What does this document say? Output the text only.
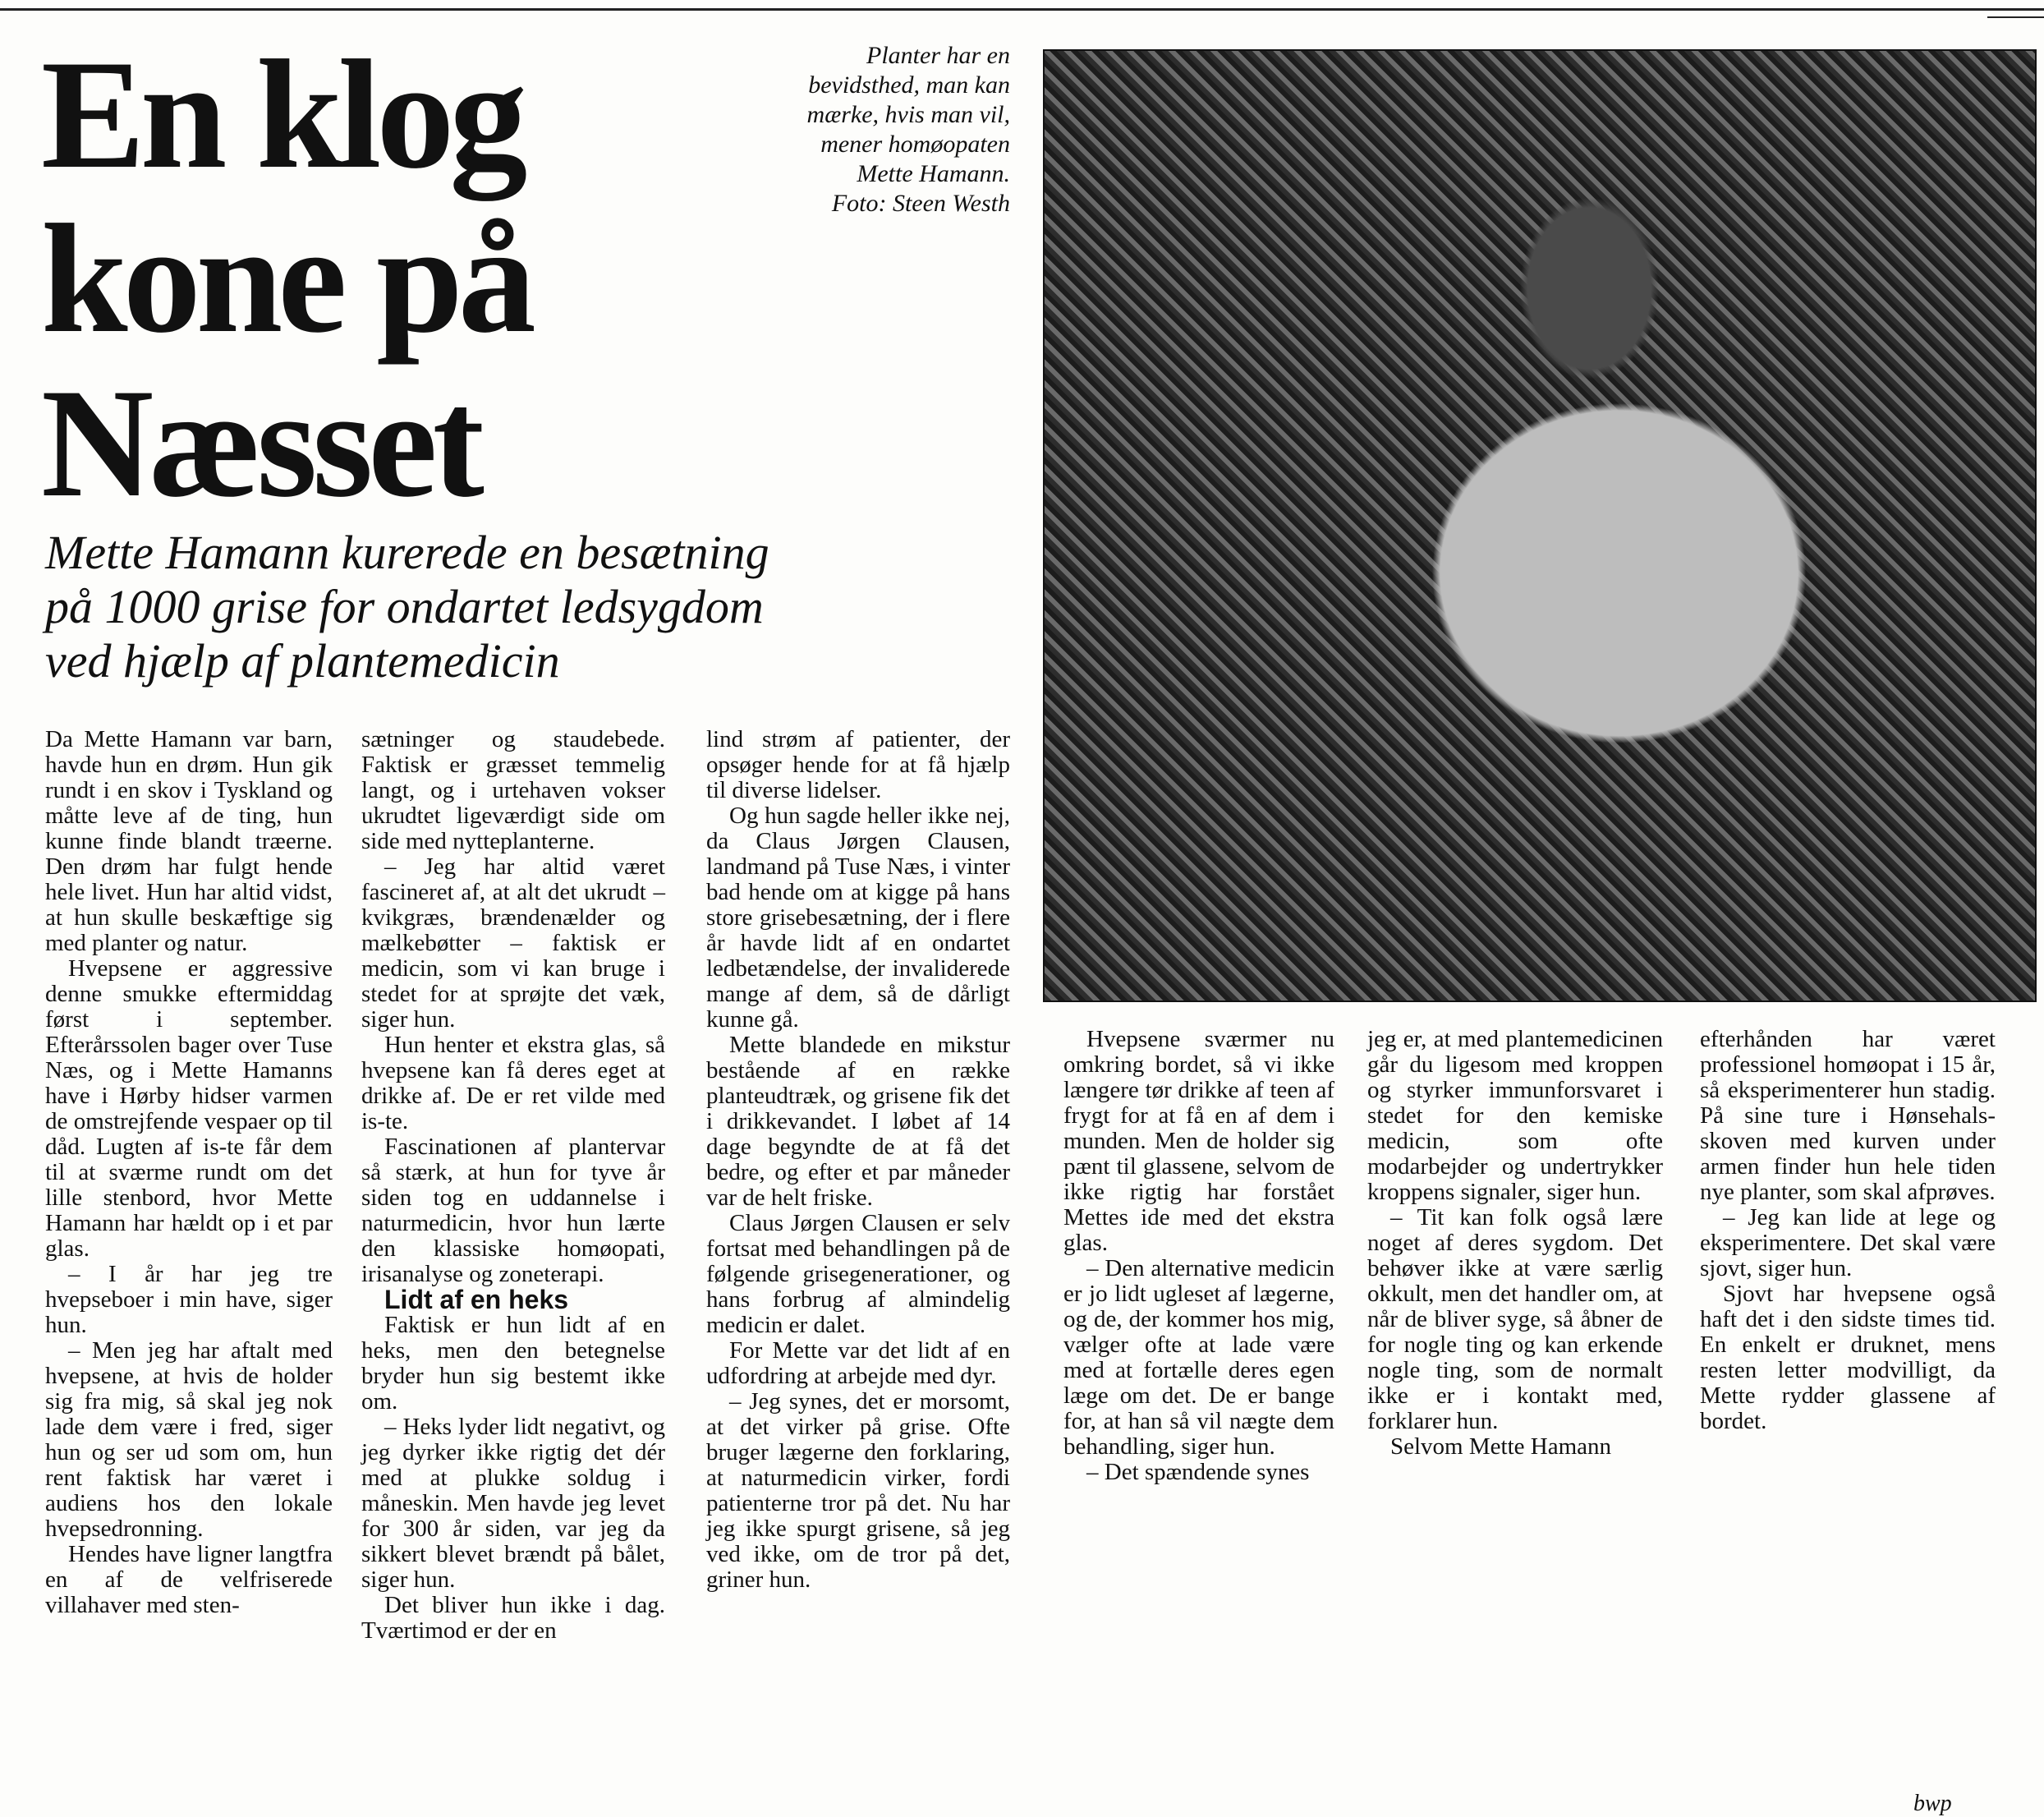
En klog
kone på
Næsset
Planter har en
bevidsthed, man kan
mærke, hvis man vil,
mener homøopaten
Mette Hamann.
Foto: Steen Westh
Mette Hamann kurerede en besætning
på 1000 grise for ondartet ledsygdom
ved hjælp af plantemedicin

Da Mette Hamann var barn, havde hun en drøm. Hun gik rundt i en skov i Tyskland og måtte leve af de ting, hun kunne finde blandt træerne. Den drøm har fulgt hende hele livet. Hun har altid vidst, at hun skulle beskæftige sig med planter og natur.

Hvepsene er aggressive denne smukke eftermiddag først i september. Efterårssolen bager over Tuse Næs, og i Mette Hamanns have i Hørby hidser varmen de omstrejfende vespaer op til dåd. Lugten af is-te får dem til at sværme rundt om det lille stenbord, hvor Mette Hamann har hældt op i et par glas.

– I år har jeg tre hvepseboer i min have, siger hun.

– Men jeg har aftalt med hvepsene, at hvis de holder sig fra mig, så skal jeg nok lade dem være i fred, siger hun og ser ud som om, hun rent faktisk har været i audiens hos den lokale hvepsedronning.

Hendes have ligner langtfra en af de velfriserede villahaver med sten-

sætninger og staudebede. Faktisk er græsset temmelig langt, og i urtehaven vokser ukrudtet ligeværdigt side om side med nytteplanterne.

– Jeg har altid været fascineret af, at alt det ukrudt – kvikgræs, brændenælder og mælkebøtter – faktisk er medicin, som vi kan bruge i stedet for at sprøjte det væk, siger hun.

Hun henter et ekstra glas, så hvepsene kan få deres eget at drikke af. De er ret vilde med is-te.

Fascinationen af plantervar så stærk, at hun for tyve år siden tog en uddannelse i naturmedicin, hvor hun lærte den klassiske homøopati, irisanalyse og zoneterapi.

Lidt af en heks

Faktisk er hun lidt af en heks, men den betegnelse bryder hun sig bestemt ikke om.

– Heks lyder lidt negativt, og jeg dyrker ikke rigtig det dér med at plukke soldug i måneskin. Men havde jeg levet for 300 år siden, var jeg da sikkert blevet brændt på bålet, siger hun.

Det bliver hun ikke i dag. Tværtimod er der en

lind strøm af patienter, der opsøger hende for at få hjælp til diverse lidelser.

Og hun sagde heller ikke nej, da Claus Jørgen Clausen, landmand på Tuse Næs, i vinter bad hende om at kigge på hans store grisebesætning, der i flere år havde lidt af en ondartet ledbetændelse, der invaliderede mange af dem, så de dårligt kunne gå.

Mette blandede en mikstur bestående af en række planteudtræk, og grisene fik det i drikkevandet. I løbet af 14 dage begyndte de at få det bedre, og efter et par måneder var de helt friske.

Claus Jørgen Clausen er selv fortsat med behandlingen på de følgende grisegenerationer, og hans forbrug af almindelig medicin er dalet.

For Mette var det lidt af en udfordring at arbejde med dyr.

– Jeg synes, det er morsomt, at det virker på grise. Ofte bruger lægerne den forklaring, at naturmedicin virker, fordi patienterne tror på det. Nu har jeg ikke spurgt grisene, så jeg ved ikke, om de tror på det, griner hun.

Hvepsene sværmer nu omkring bordet, så vi ikke længere tør drikke af teen af frygt for at få en af dem i munden. Men de holder sig pænt til glassene, selvom de ikke rigtig har forstået Mettes ide med det ekstra glas.

– Den alternative medicin er jo lidt ugleset af lægerne, og de, der kommer hos mig, vælger ofte at lade være med at fortælle deres egen læge om det. De er bange for, at han så vil nægte dem behandling, siger hun.

– Det spændende synes

jeg er, at med plantemedicinen går du ligesom med kroppen og styrker immunforsvaret i stedet for den kemiske medicin, som ofte modarbejder og undertrykker kroppens signaler, siger hun.

– Tit kan folk også lære noget af deres sygdom. Det behøver ikke at være særlig okkult, men det handler om, at når de bliver syge, så åbner de for nogle ting og kan erkende nogle ting, som de normalt ikke er i kontakt med, forklarer hun.

Selvom Mette Hamann

efterhånden har været professionel homøopat i 15 år, så eksperimenterer hun stadig. På sine ture i Hønsehals-skoven med kurven under armen finder hun hele tiden nye planter, som skal afprøves.

– Jeg kan lide at lege og eksperimentere. Det skal være sjovt, siger hun.

Sjovt har hvepsene også haft det i den sidste times tid. En enkelt er druknet, mens resten letter modvilligt, da Mette rydder glassene af bordet.

bwp
